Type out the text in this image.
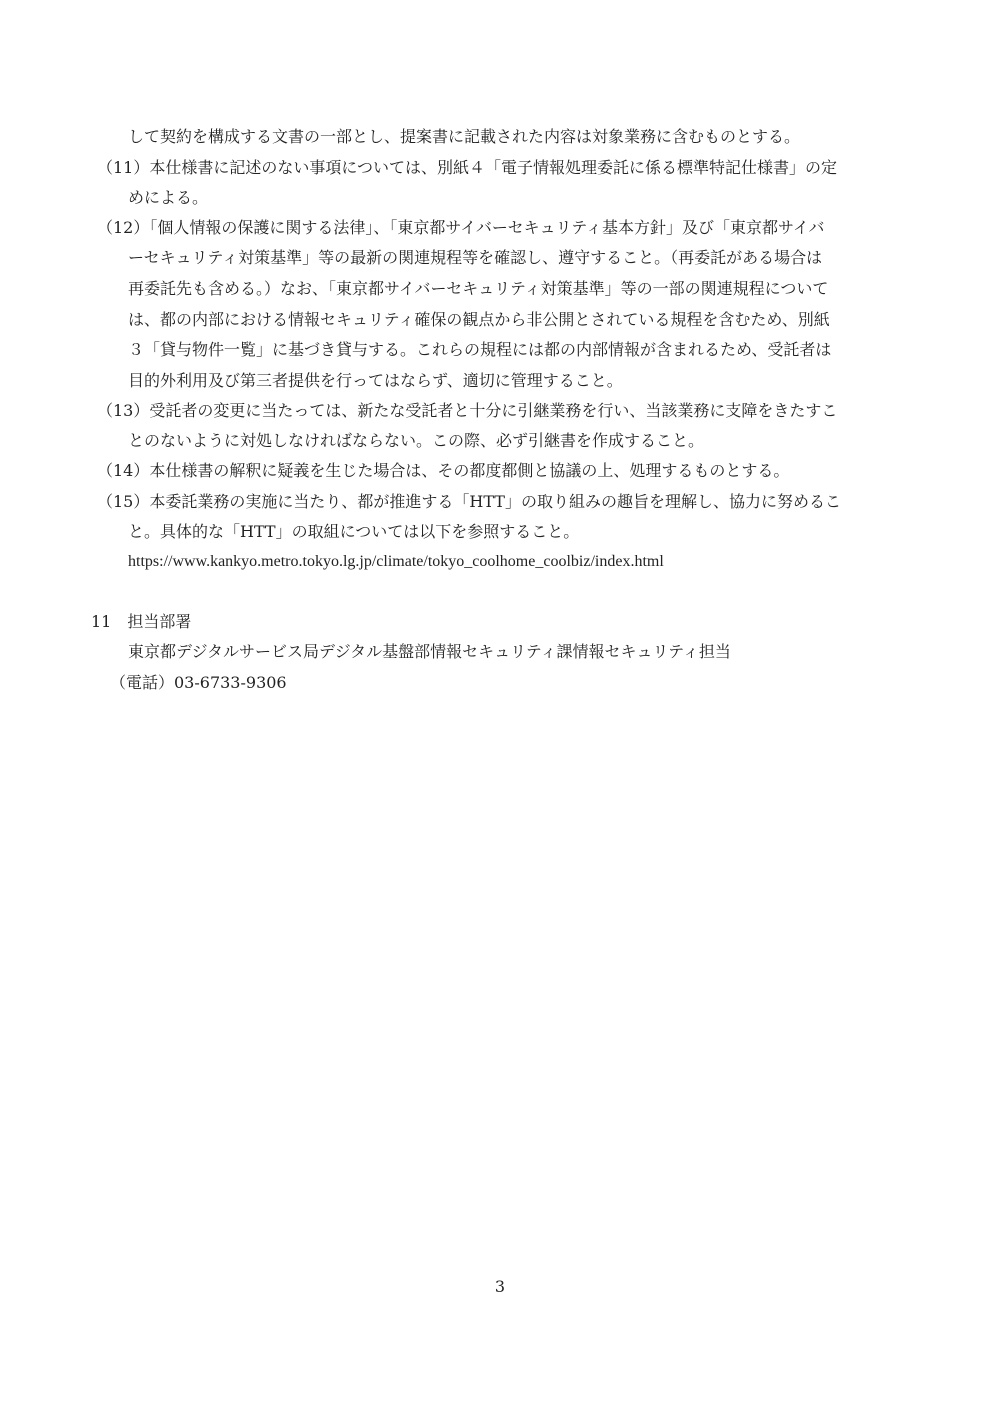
して契約を構成する文書の一部とし、提案書に記載された内容は対象業務に含むものとする。
（11）本仕様書に記述のない事項については、別紙４「電子情報処理委託に係る標準特記仕様書」の定
めによる。
（12）「個人情報の保護に関する法律」、「東京都サイバーセキュリティ基本方針」及び「東京都サイバ
ーセキュリティ対策基準」等の最新の関連規程等を確認し、遵守すること。（再委託がある場合は
再委託先も含める。）なお、「東京都サイバーセキュリティ対策基準」等の一部の関連規程について
は、都の内部における情報セキュリティ確保の観点から非公開とされている規程を含むため、別紙
３「貸与物件一覧」に基づき貸与する。これらの規程には都の内部情報が含まれるため、受託者は
目的外利用及び第三者提供を行ってはならず、適切に管理すること。
（13）受託者の変更に当たっては、新たな受託者と十分に引継業務を行い、当該業務に支障をきたすこ
とのないように対処しなければならない。この際、必ず引継書を作成すること。
（14）本仕様書の解釈に疑義を生じた場合は、その都度都側と協議の上、処理するものとする。
（15）本委託業務の実施に当たり、都が推進する「HTT」の取り組みの趣旨を理解し、協力に努めるこ
と。具体的な「HTT」の取組については以下を参照すること。
https://www.kankyo.metro.tokyo.lg.jp/climate/tokyo_coolhome_coolbiz/index.html
11　担当部署
東京都デジタルサービス局デジタル基盤部情報セキュリティ課情報セキュリティ担当
（電話）03-6733-9306
3
